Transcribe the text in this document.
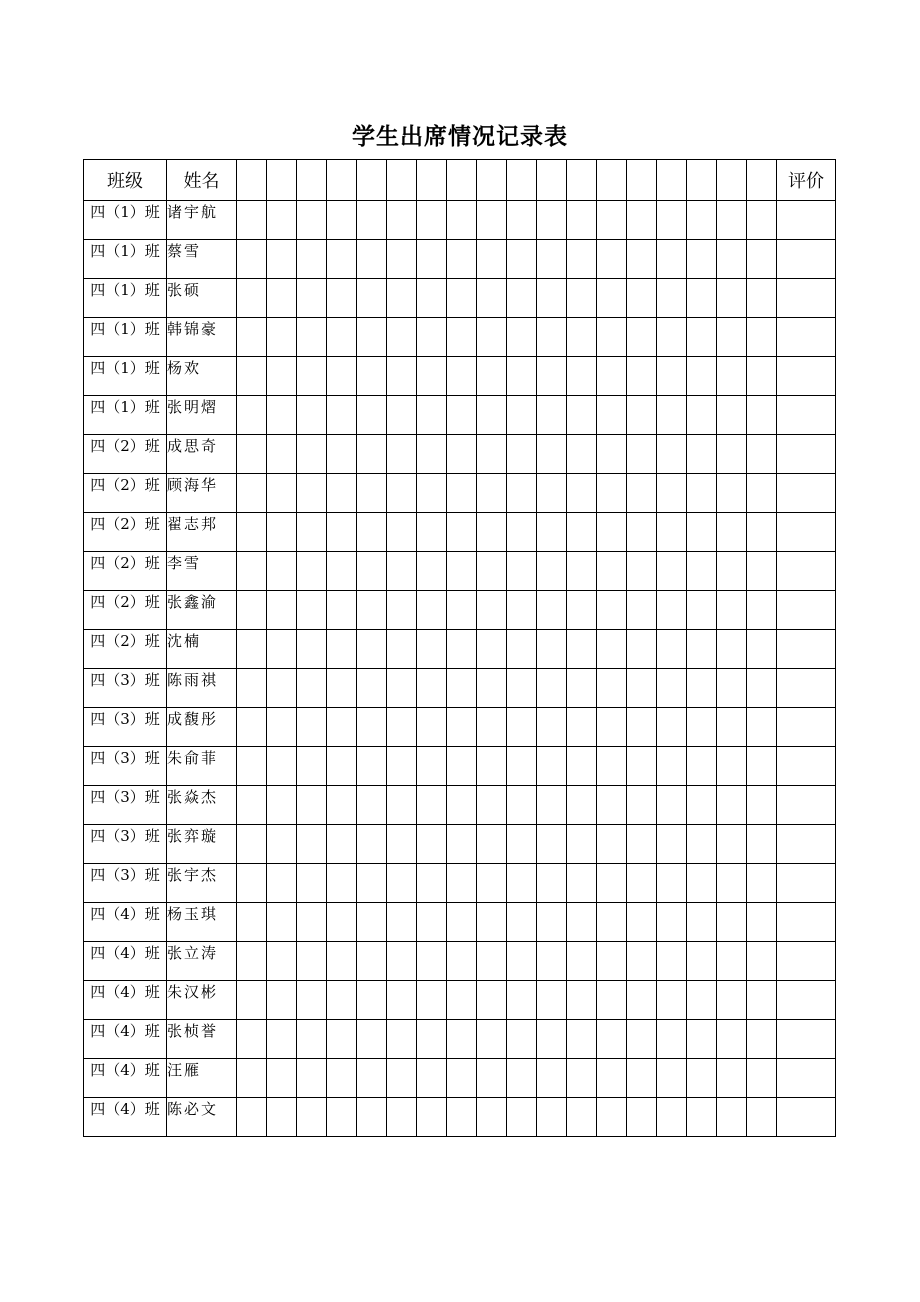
学生出席情况记录表
班级	姓名																			评价
四（1）班	诸宇航																			
四（1）班	蔡雪																			
四（1）班	张硕																			
四（1）班	韩锦豪																			
四（1）班	杨欢																			
四（1）班	张明熠																			
四（2）班	成思奇																			
四（2）班	顾海华																			
四（2）班	翟志邦																			
四（2）班	李雪																			
四（2）班	张鑫渝																			
四（2）班	沈楠																			
四（3）班	陈雨祺																			
四（3）班	成馥彤																			
四（3）班	朱俞菲																			
四（3）班	张焱杰																			
四（3）班	张弈璇																			
四（3）班	张宇杰																			
四（4）班	杨玉琪																			
四（4）班	张立涛																			
四（4）班	朱汉彬																			
四（4）班	张桢誉																			
四（4）班	汪雁																			
四（4）班	陈必文																			
